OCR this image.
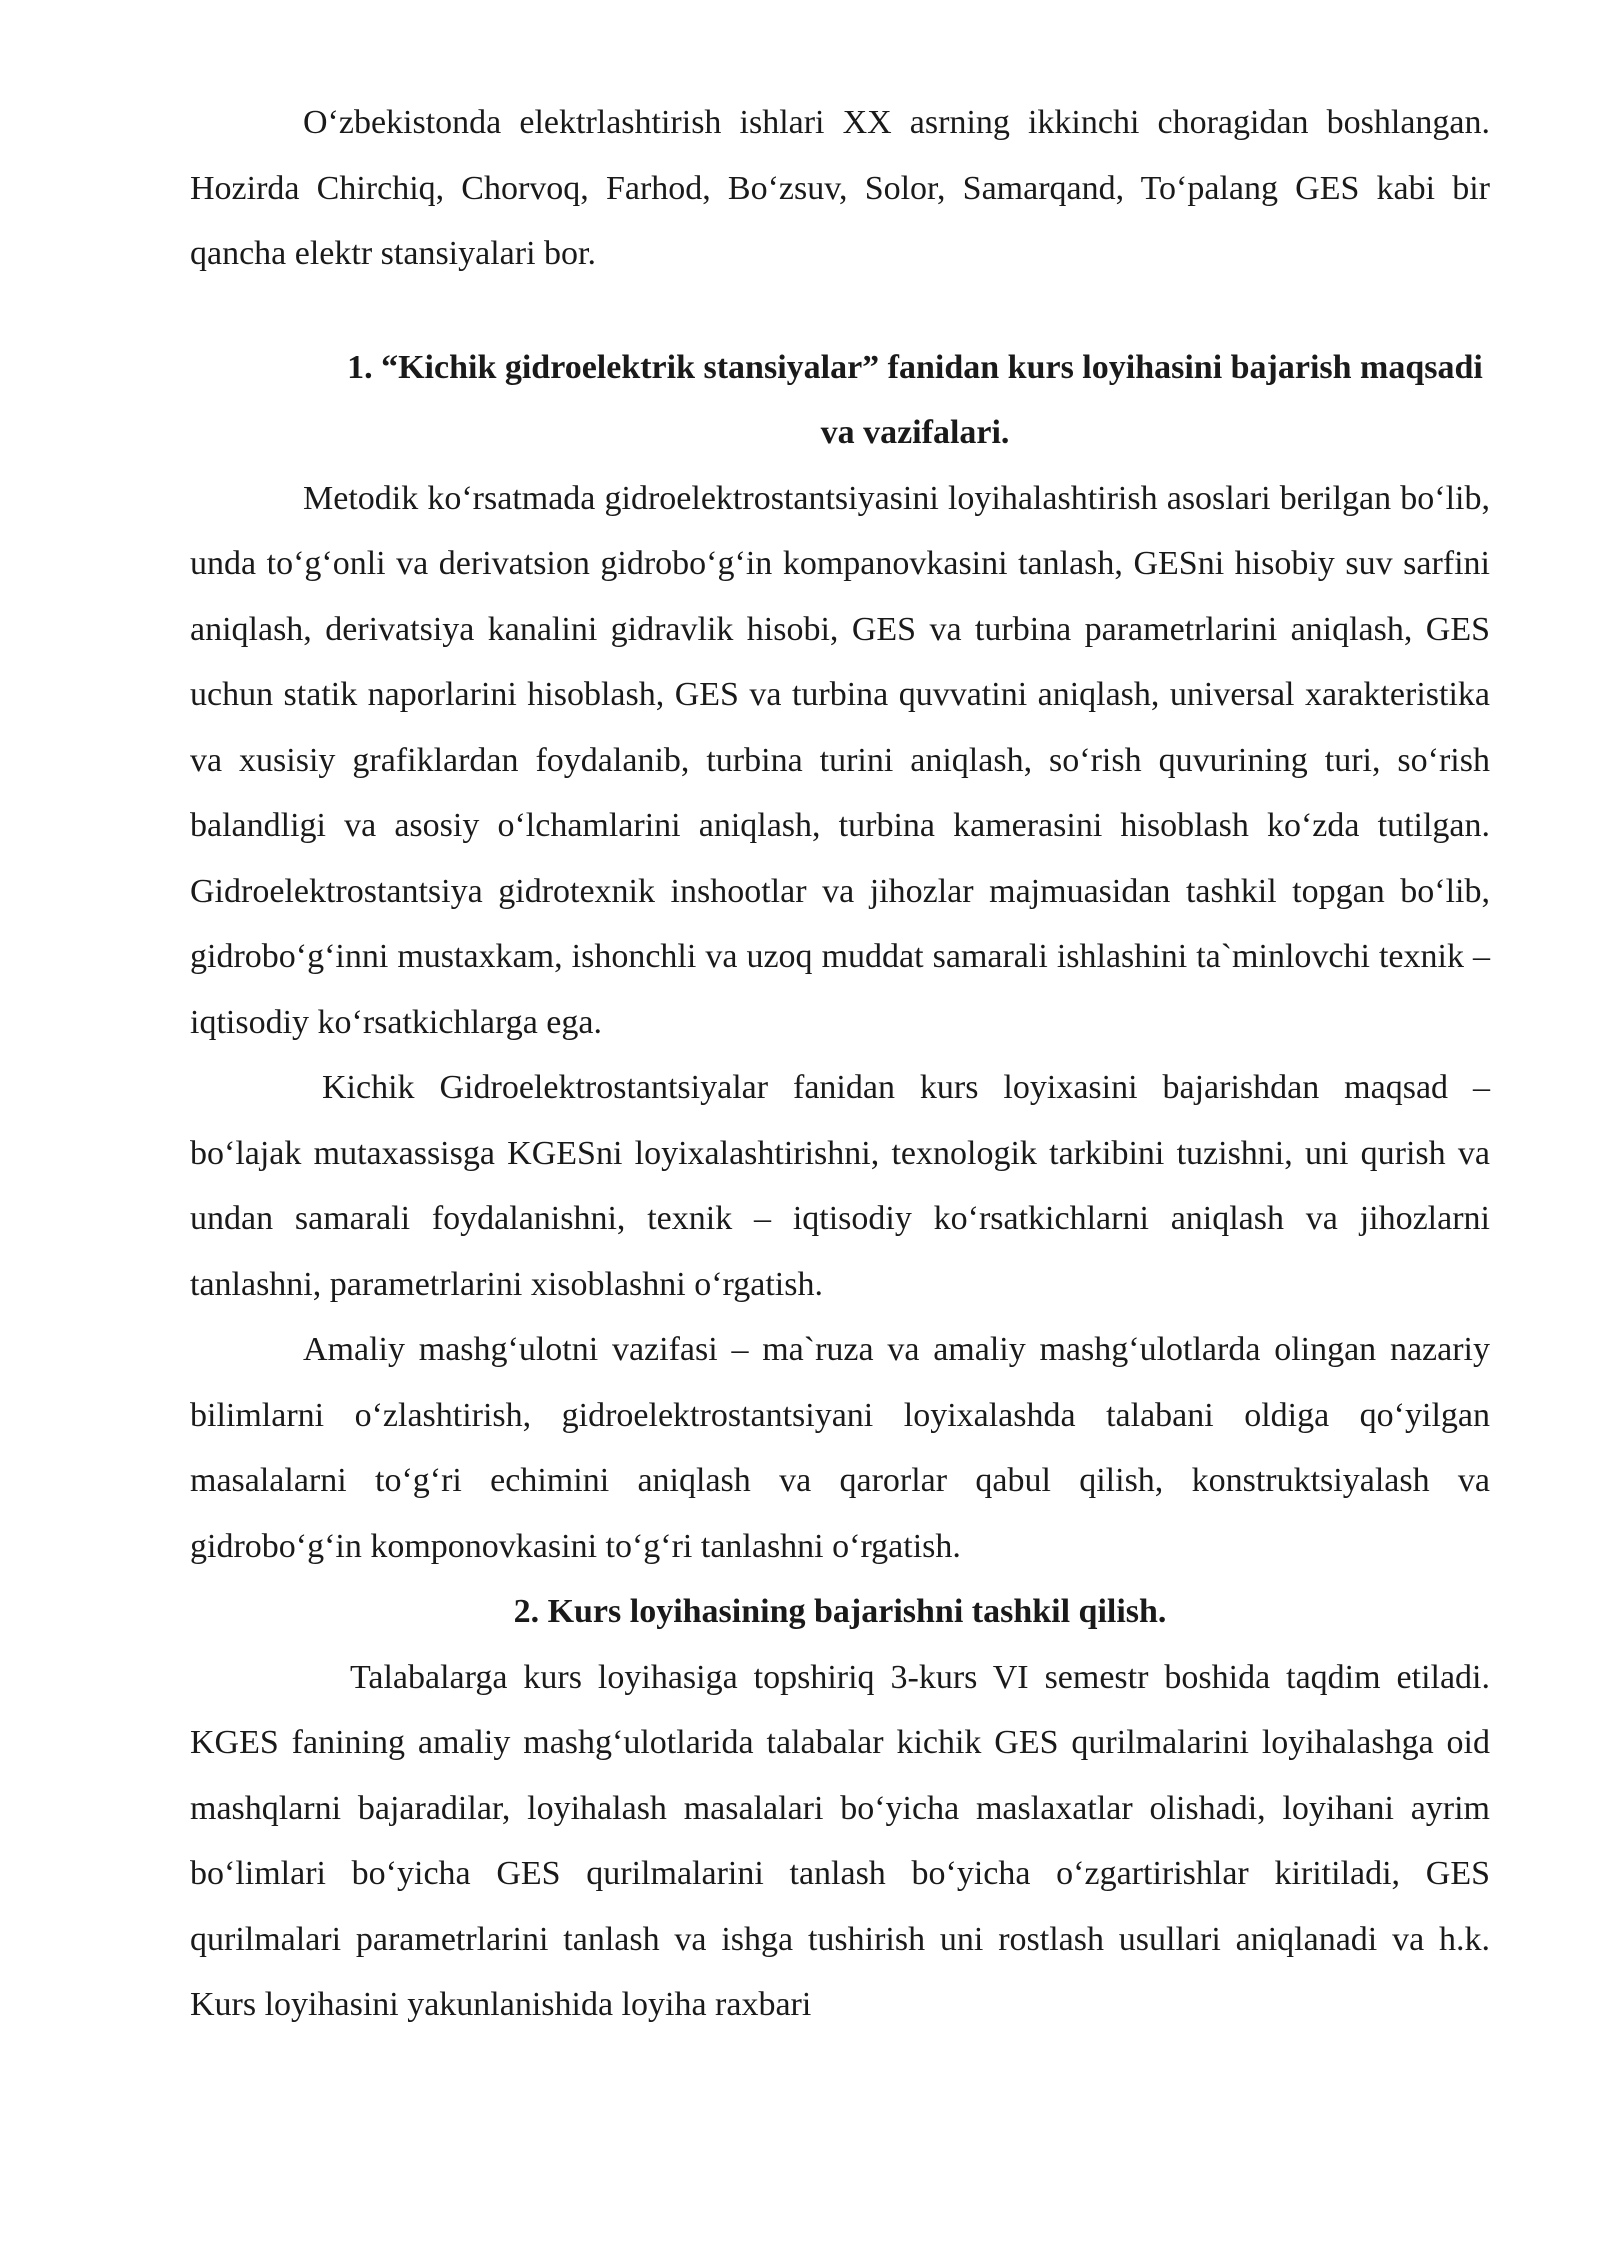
O‘zbekistonda elektrlashtirish ishlari XX asrning ikkinchi choragidan boshlangan. Hozirda Chirchiq, Chorvoq, Farhod, Bo‘zsuv, Solor, Samarqand, To‘palang GES kabi bir qancha elektr stansiyalari bor.

1. “Kichik gidroelektrik stansiyalar” fanidan kurs loyihasini bajarish maqsadi va vazifalari.

Metodik ko‘rsatmada gidroelektrostantsiyasini loyihalashtirish asoslari berilgan bo‘lib, unda to‘g‘onli va derivatsion gidrobo‘g‘in kompanovkasini tanlash, GESni hisobiy suv sarfini aniqlash, derivatsiya kanalini gidravlik hisobi, GES va turbina parametrlarini aniqlash, GES uchun statik naporlarini hisoblash, GES va turbina quvvatini aniqlash, universal xarakteristika va xusisiy grafiklardan foydalanib, turbina turini aniqlash, so‘rish quvurining turi, so‘rish balandligi va asosiy o‘lchamlarini aniqlash, turbina kamerasini hisoblash ko‘zda tutilgan. Gidroelektrostantsiya gidrotexnik inshootlar va jihozlar majmuasidan tashkil topgan bo‘lib, gidrobo‘g‘inni mustaxkam, ishonchli va uzoq muddat samarali ishlashini ta`minlovchi texnik – iqtisodiy ko‘rsatkichlarga ega.

Kichik Gidroelektrostantsiyalar fanidan kurs loyixasini bajarishdan maqsad – bo‘lajak mutaxassisga KGESni loyixalashtirishni, texnologik tarkibini tuzishni, uni qurish va undan samarali foydalanishni, texnik – iqtisodiy ko‘rsatkichlarni aniqlash va jihozlarni tanlashni, parametrlarini xisoblashni o‘rgatish.

Amaliy mashg‘ulotni vazifasi – ma`ruza va amaliy mashg‘ulotlarda olingan nazariy bilimlarni o‘zlashtirish, gidroelektrostantsiyani loyixalashda talabani oldiga qo‘yilgan masalalarni to‘g‘ri echimini aniqlash va qarorlar qabul qilish, konstruktsiyalash va gidrobo‘g‘in komponovkasini to‘g‘ri tanlashni o‘rgatish.

2. Kurs loyihasining bajarishni tashkil qilish.

Talabalarga kurs loyihasiga topshiriq 3-kurs VI semestr boshida taqdim etiladi. KGES fanining amaliy mashg‘ulotlarida talabalar kichik GES qurilmalarini loyihalashga oid mashqlarni bajaradilar, loyihalash masalalari bo‘yicha maslaxatlar olishadi, loyihani ayrim bo‘limlari bo‘yicha GES qurilmalarini tanlash bo‘yicha o‘zgartirishlar kiritiladi, GES qurilmalari parametrlarini tanlash va ishga tushirish uni rostlash usullari aniqlanadi va h.k. Kurs loyihasini yakunlanishida loyiha raxbari
